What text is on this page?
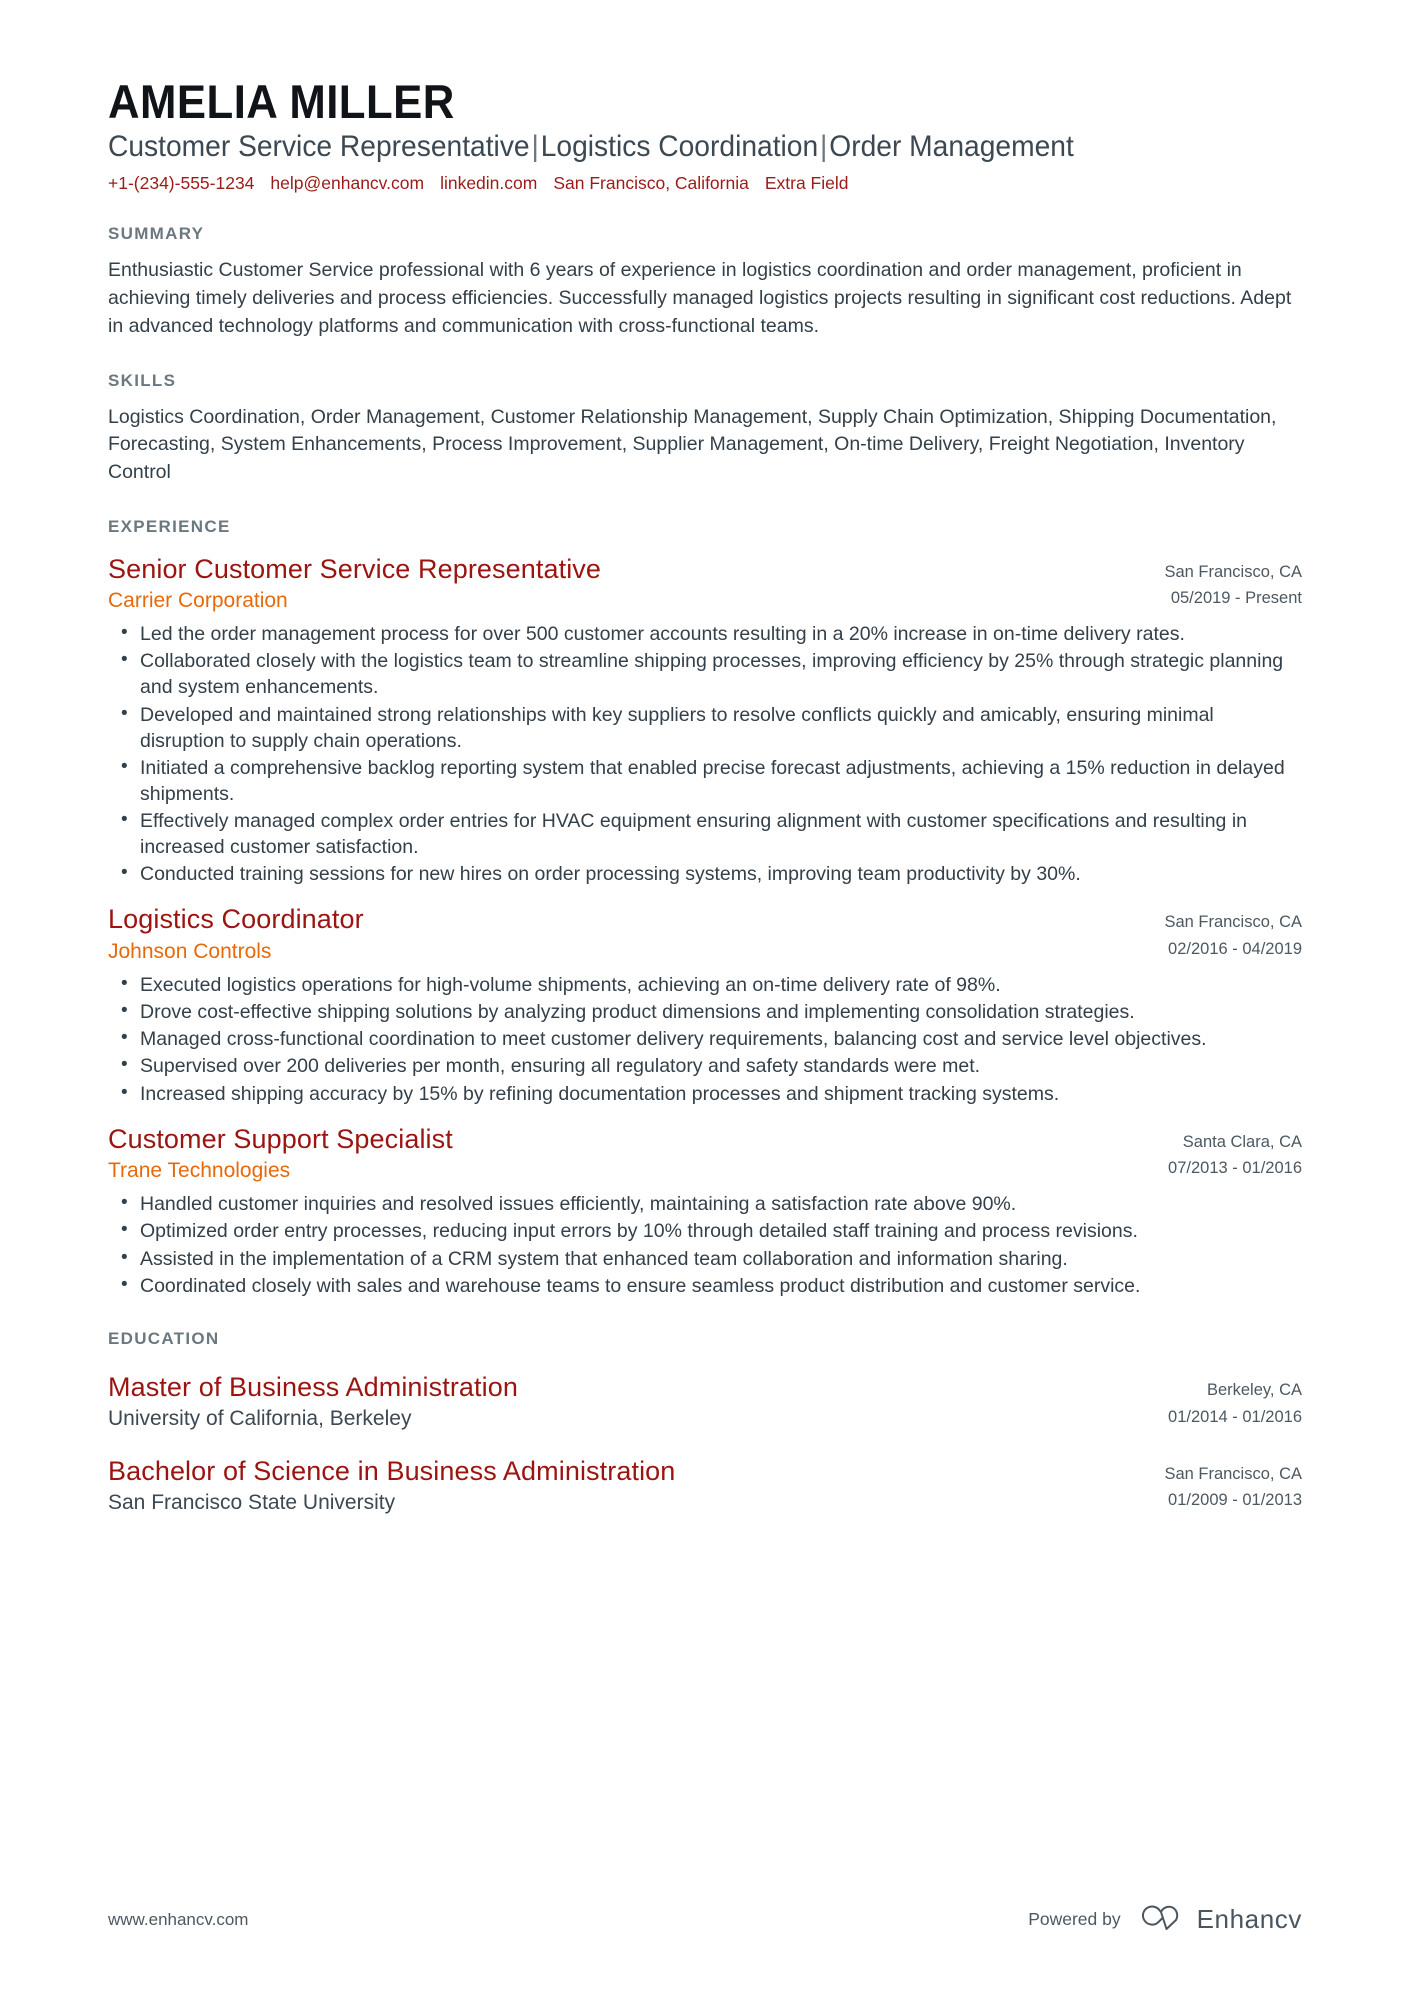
AMELIA MILLER
Customer Service Representative|Logistics Coordination|Order Management
+1-(234)-555-1234 help@enhancv.com linkedin.com San Francisco, California Extra Field
SUMMARY

Enthusiastic Customer Service professional with 6 years of experience in logistics coordination and order management, proficient in achieving timely deliveries and process efficiencies. Successfully managed logistics projects resulting in significant cost reductions. Adept in advanced technology platforms and communication with cross-functional teams.

SKILLS

Logistics Coordination, Order Management, Customer Relationship Management, Supply Chain Optimization, Shipping Documentation, Forecasting, System Enhancements, Process Improvement, Supplier Management, On-time Delivery, Freight Negotiation, Inventory Control

EXPERIENCE
Senior Customer Service Representative
Carrier Corporation
San Francisco, CA
05/2019 - Present
• Led the order management process for over 500 customer accounts resulting in a 20% increase in on-time delivery rates.
• Collaborated closely with the logistics team to streamline shipping processes, improving efficiency by 25% through strategic planning and system enhancements.
• Developed and maintained strong relationships with key suppliers to resolve conflicts quickly and amicably, ensuring minimal disruption to supply chain operations.
• Initiated a comprehensive backlog reporting system that enabled precise forecast adjustments, achieving a 15% reduction in delayed shipments.
• Effectively managed complex order entries for HVAC equipment ensuring alignment with customer specifications and resulting in increased customer satisfaction.
• Conducted training sessions for new hires on order processing systems, improving team productivity by 30%.
Logistics Coordinator
Johnson Controls
San Francisco, CA
02/2016 - 04/2019
• Executed logistics operations for high-volume shipments, achieving an on-time delivery rate of 98%.
• Drove cost-effective shipping solutions by analyzing product dimensions and implementing consolidation strategies.
• Managed cross-functional coordination to meet customer delivery requirements, balancing cost and service level objectives.
• Supervised over 200 deliveries per month, ensuring all regulatory and safety standards were met.
• Increased shipping accuracy by 15% by refining documentation processes and shipment tracking systems.
Customer Support Specialist
Trane Technologies
Santa Clara, CA
07/2013 - 01/2016
• Handled customer inquiries and resolved issues efficiently, maintaining a satisfaction rate above 90%.
• Optimized order entry processes, reducing input errors by 10% through detailed staff training and process revisions.
• Assisted in the implementation of a CRM system that enhanced team collaboration and information sharing.
• Coordinated closely with sales and warehouse teams to ensure seamless product distribution and customer service.
EDUCATION
Master of Business Administration
University of California, Berkeley
Berkeley, CA
01/2014 - 01/2016
Bachelor of Science in Business Administration
San Francisco State University
San Francisco, CA
01/2009 - 01/2013
www.enhancv.com	Powered by	Enhancv
